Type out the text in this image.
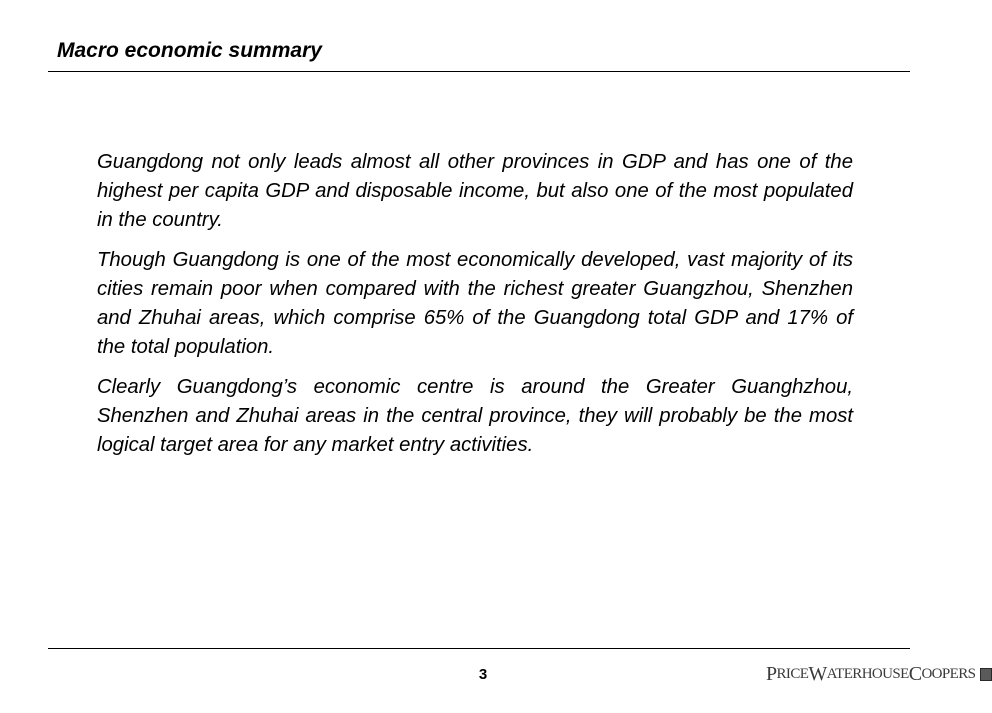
Macro economic summary

Guangdong not only leads almost all other provinces in GDP and has one of the highest per capita GDP and disposable income, but also one of the most populated in the country.

Though Guangdong is one of the most economically developed, vast majority of its cities remain poor when compared with the richest greater Guangzhou, Shenzhen and Zhuhai areas, which comprise 65% of the Guangdong total GDP and 17% of the total population.

Clearly Guangdong’s economic centre is around the Greater Guanghzhou, Shenzhen and Zhuhai areas in the central province, they will probably be the most logical target area for any market entry activities.

3	P RICE W ATERHOUSE C OOPERS
